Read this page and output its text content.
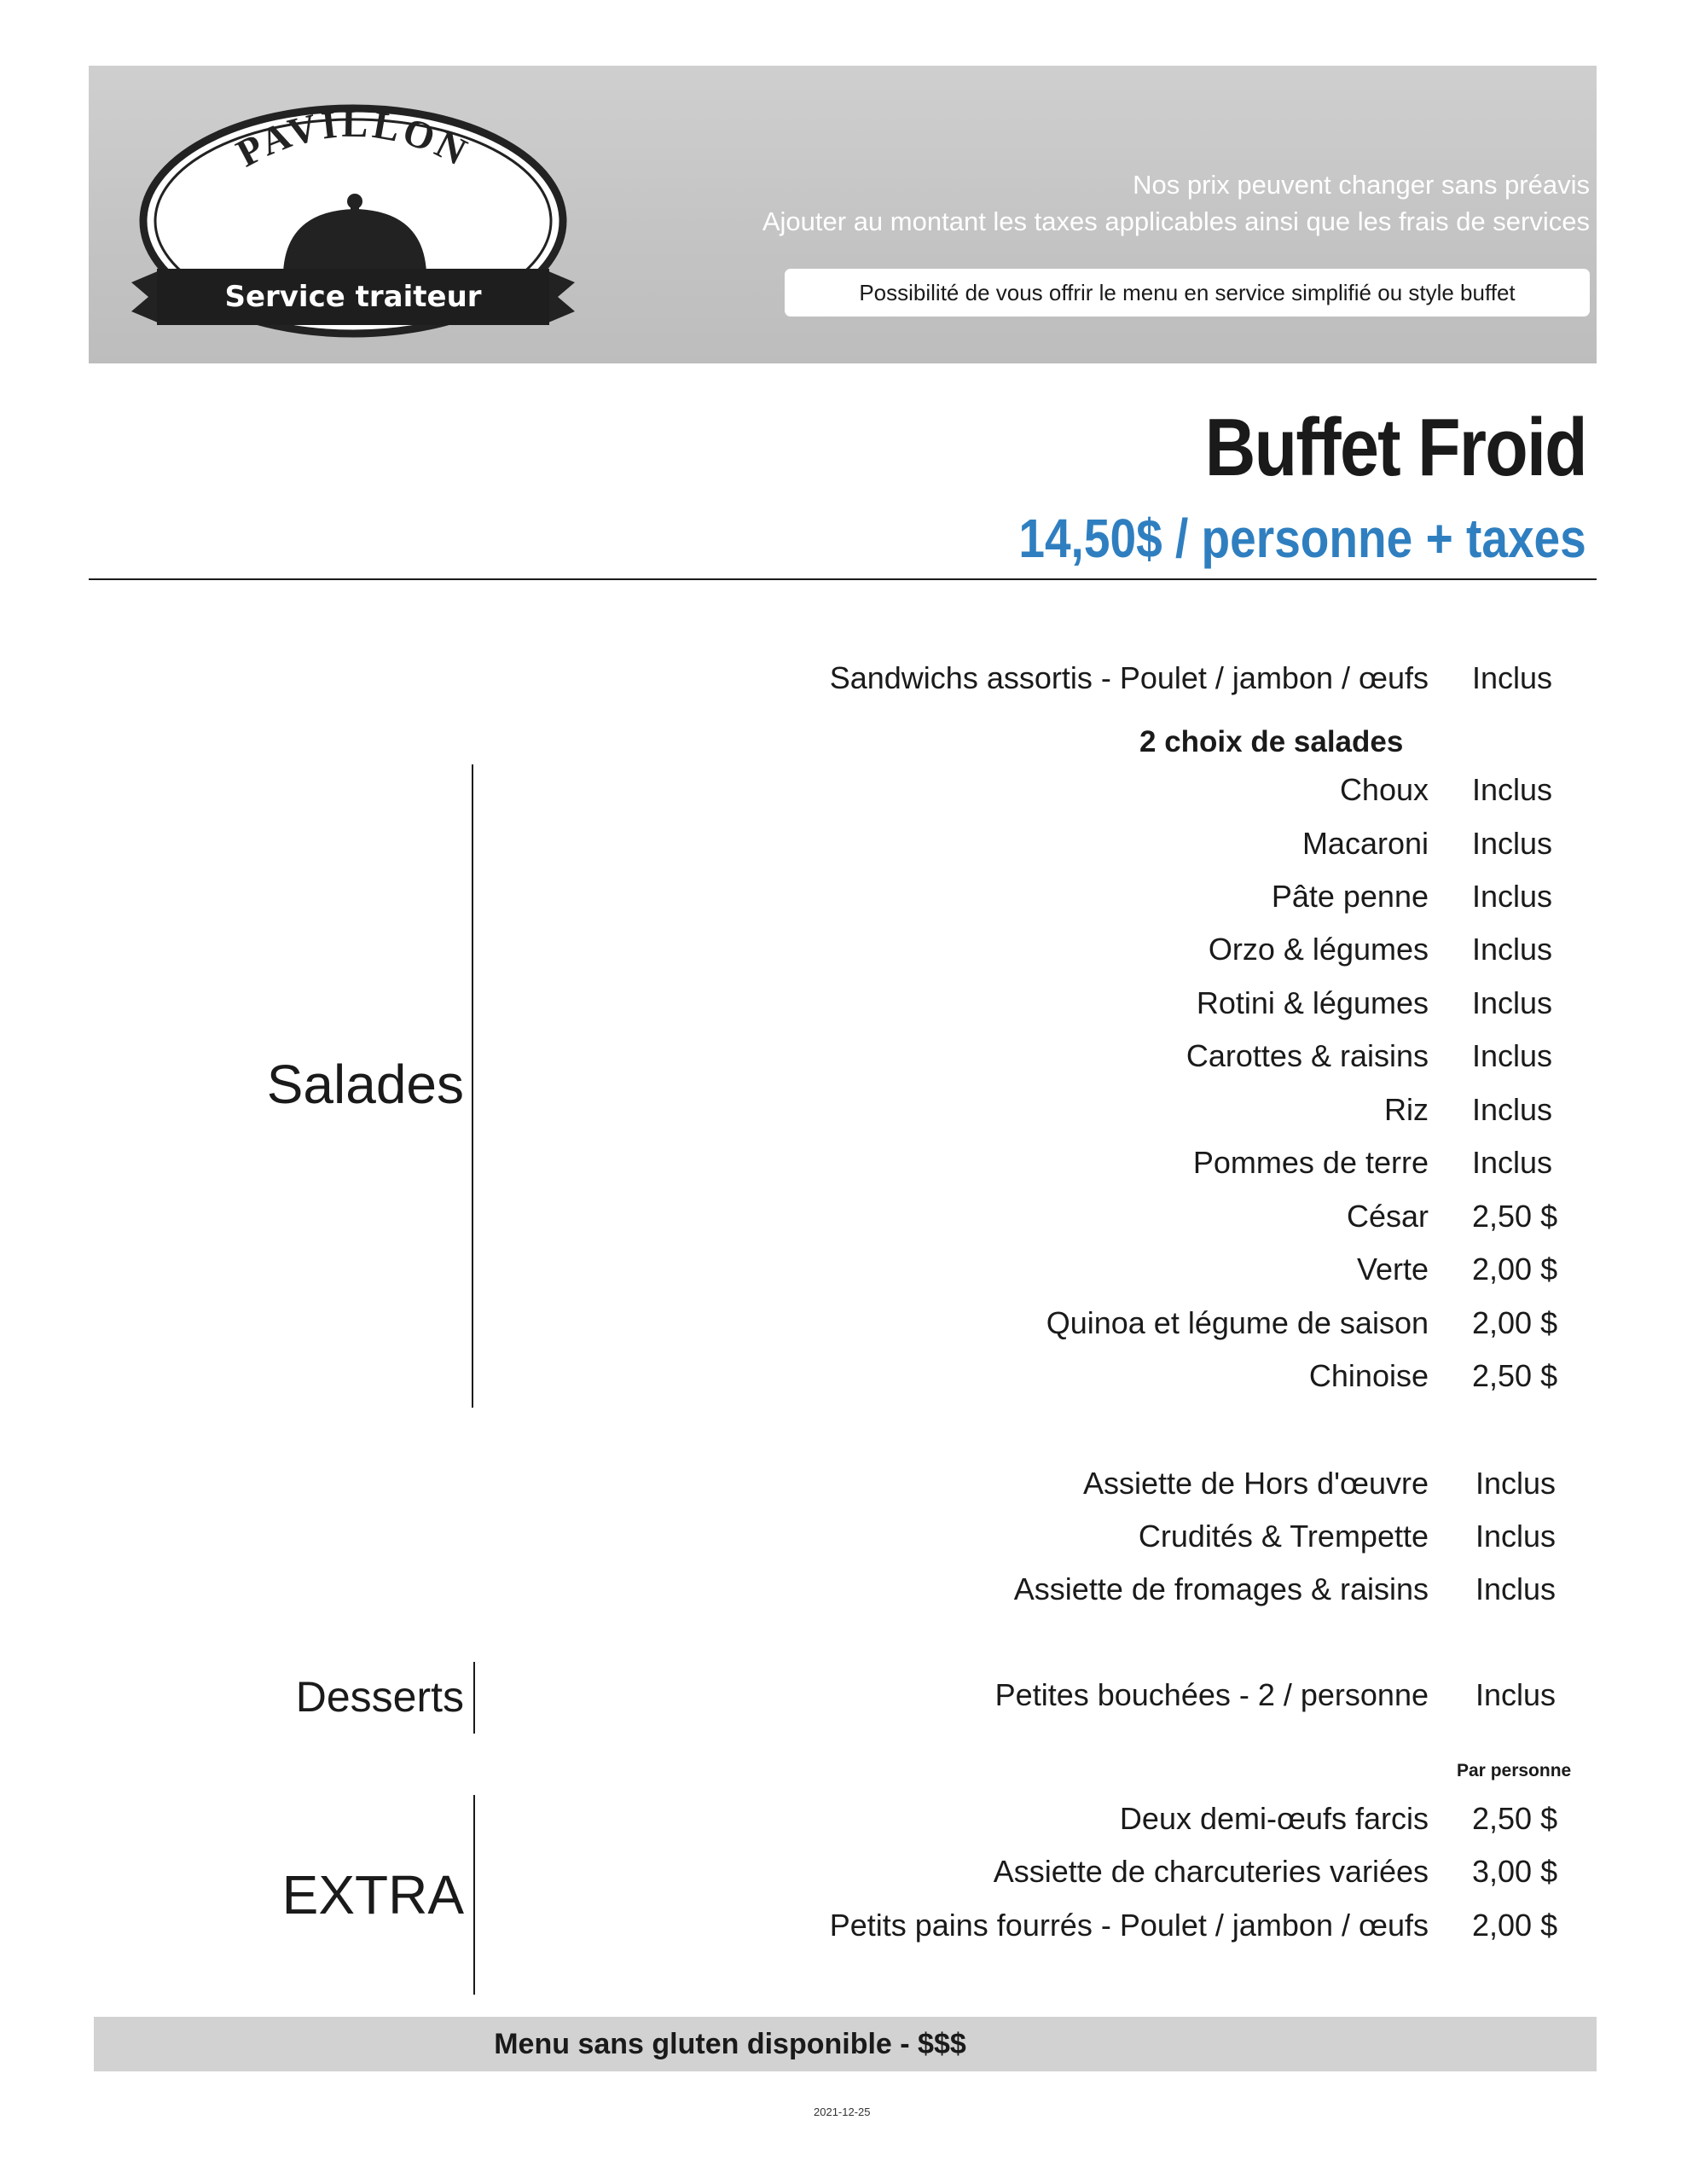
PAVILLON
Service traiteur
Nos prix peuvent changer sans préavis
Ajouter au montant les taxes applicables ainsi que les frais de services
Possibilité de vous offrir le menu en service simplifié ou style buffet
Buffet Froid
14,50$ / personne + taxes
Sandwichs assortis - Poulet / jambon / œufs Inclus
2 choix de salades
Salades
Choux Inclus
Macaroni Inclus
Pâte penne Inclus
Orzo & légumes Inclus
Rotini & légumes Inclus
Carottes & raisins Inclus
Riz Inclus
Pommes de terre Inclus
César 2,50 $
Verte 2,00 $
Quinoa et légume de saison 2,00 $
Chinoise 2,50 $
Assiette de Hors d'œuvre Inclus
Crudités & Trempette Inclus
Assiette de fromages & raisins Inclus
Desserts	Petites bouchées - 2 / personne Inclus
Par personne
EXTRA
Deux demi-œufs farcis 2,50 $
Assiette de charcuteries variées 3,00 $
Petits pains fourrés - Poulet / jambon / œufs 2,00 $
Menu sans gluten disponible - $$$
2021-12-25
